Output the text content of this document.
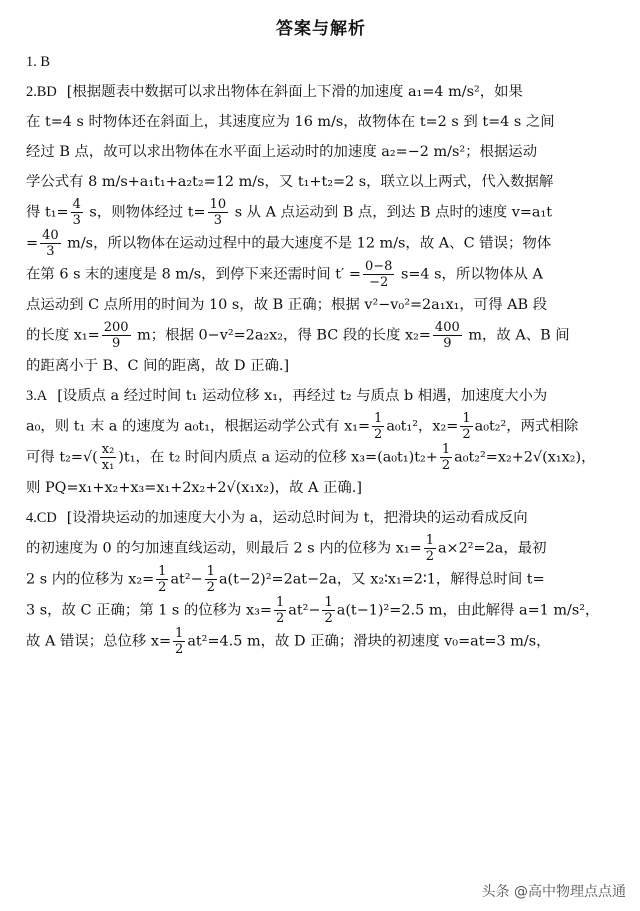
答案与解析

1. B

2.BD [根据题表中数据可以求出物体在斜面上下滑的加速度 a₁=4 m/s²，如果
在 t=4 s 时物体还在斜面上，其速度应为 16 m/s，故物体在 t=2 s 到 t=4 s 之间
经过 B 点，故可以求出物体在水平面上运动时的加速度 a₂=−2 m/s²；根据运动
学公式有 8 m/s+a₁t₁+a₂t₂=12 m/s，又 t₁+t₂=2 s，联立以上两式，代入数据解
得 $t_1= \frac{4}{3}$ s，则物体经过 $t= \frac{10}{3}$ s 从 A 点运动到 B 点，到达 B 点时的速度 v=a₁t
= $\frac{40}{3} m/s$，所以物体在运动过程中的最大速度不是 12 m/s，故 A、C 错误；物体
在第 6 s 末的速度是 8 m/s，到停下来还需时间 $t' = \frac{0-8}{-2} s=4$ s，所以物体从 A
点运动到 C 点所用的时间为 10 s，故 B 正确；根据 v²−v₀²=2a₁x₁，可得 AB 段
的长度 $x_1= \frac{200}{9}$ m；根据 0−v²=2a₂x₂，得 BC 段的长度 $x_2= \frac{400}{9}$ m，故 A、B 间
的距离小于 B、C 间的距离，故 D 正确.]

3.A [设质点 a 经过时间 t₁ 运动位移 x₁，再经过 t₂ 与质点 b 相遇，加速度大小为
a₀，则 t₁ 末 a 的速度为 a₀t₁，根据运动学公式有 $x_1= \frac{1}{2} a_0t_1^2$，$x_2= \frac{1}{2} a_0t_2^2$，两式相除
可得 $t_2=√( \frac{\text{x₂}}{\text{x₁}} )t_1$，在 t₂ 时间内质点 a 运动的位移 $x_3=(a_0t_1)t_2+ \frac{1}{2} a_0t_2^2=x_2+2√(x_1x_2)$，
则 PQ=x₁+x₂+x₃=x₁+2x₂+2√(x₁x₂)，故 A 正确.]

4.CD [设滑块运动的加速度大小为 a，运动总时间为 t，把滑块的运动看成反向
的初速度为 0 的匀加速直线运动，则最后 2 s 内的位移为 $x_1= \frac{1}{2} a\times 2^2=2a$，最初
2 s 内的位移为 $x_2= \frac{1}{2} at^2- \frac{1}{2} a(t-2)^2=2at-2a$，又 x₂∶x₁=2∶1，解得总时间 t=
3 s，故 C 正确；第 1 s 的位移为 $x_3= \frac{1}{2} at^2- \frac{1}{2} a(t-1)^2=2.5$ m，由此解得 a=1 m/s²，
故 A 错误；总位移 $x= \frac{1}{2} at^2=4.5$ m，故 D 正确；滑块的初速度 v₀=at=3 m/s，

头条 @高中物理点点通
